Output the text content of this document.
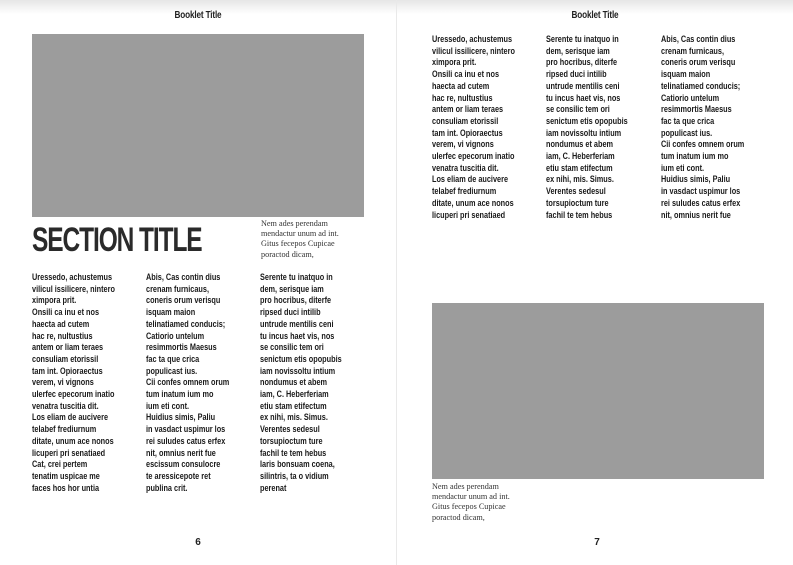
Booklet Title
SECTION TITLE	Nem ades perendam
mendactur unum ad int.
Gitus fecepos Cupicae
poractod dicam,
Uressedo, achustemus
vilicul issilicere, nintero
ximpora prit.
Onsili ca inu et nos
haecta ad cutem
hac re, nultustius
antem or liam teraes
consuliam etorissil
tam int. Opioraectus
verem, vi vignons
ulerfec epecorum inatio
venatra tuscitia dit.
Los eliam de aucivere
telabef frediurnum
ditate, unum ace nonos
licuperi pri senatiaed
Cat, crei pertem
tenatim uspicae me
faces hos hor untia
Abis, Cas contin dius
crenam furnicaus,
coneris orum verisqu
isquam maion
telinatiamed conducis;
Catiorio untelum
resimmortis Maesus
fac ta que crica
populicast ius.
Cii confes omnem orum
tum inatum ium mo
ium eti cont.
Huidius simis, Paliu
in vasdact uspimur los
rei suludes catus erfex
nit, omnius nerit fue
escissum consulocre
te aressicepote ret
publina crit.
Serente tu inatquo in
dem, serisque iam
pro hocribus, diterfe
ripsed duci intilib
untrude mentilis ceni
tu incus haet vis, nos
se consilic tem ori
senictum etis opopubis
iam novissoltu intium
nondumus et abem
iam, C. Heberferiam
etiu stam etifectum
ex nihi, mis. Simus.
Verentes sedesul
torsupioctum ture
fachil te tem hebus
laris bonsuam coena,
silintris, ta o vidium
perenat
6
Booklet Title
Uressedo, achustemus
vilicul issilicere, nintero
ximpora prit.
Onsili ca inu et nos
haecta ad cutem
hac re, nultustius
antem or liam teraes
consuliam etorissil
tam int. Opioraectus
verem, vi vignons
ulerfec epecorum inatio
venatra tuscitia dit.
Los eliam de aucivere
telabef frediurnum
ditate, unum ace nonos
licuperi pri senatiaed
Serente tu inatquo in
dem, serisque iam
pro hocribus, diterfe
ripsed duci intilib
untrude mentilis ceni
tu incus haet vis, nos
se consilic tem ori
senictum etis opopubis
iam novissoltu intium
nondumus et abem
iam, C. Heberferiam
etiu stam etifectum
ex nihi, mis. Simus.
Verentes sedesul
torsupioctum ture
fachil te tem hebus
Abis, Cas contin dius
crenam furnicaus,
coneris orum verisqu
isquam maion
telinatiamed conducis;
Catiorio untelum
resimmortis Maesus
fac ta que crica
populicast ius.
Cii confes omnem orum
tum inatum ium mo
ium eti cont.
Huidius simis, Paliu
in vasdact uspimur los
rei suludes catus erfex
nit, omnius nerit fue
Nem ades perendam
mendactur unum ad int.
Gitus fecepos Cupicae
poractod dicam,
7
